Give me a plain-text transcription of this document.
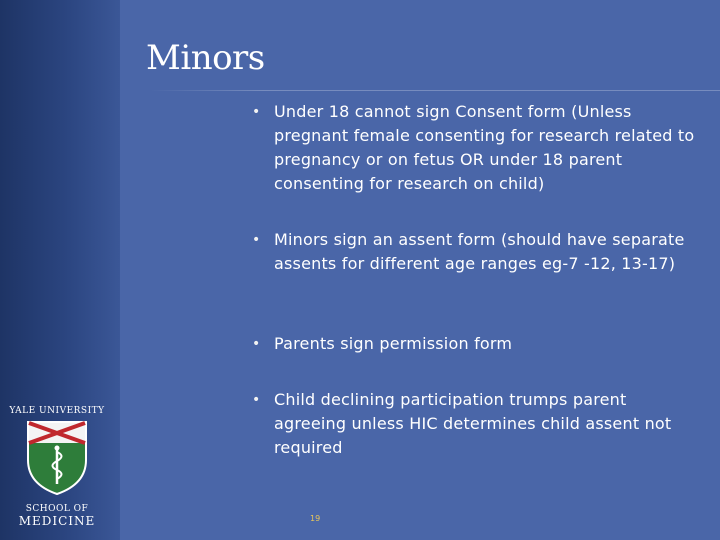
Minors
• Under 18 cannot sign Consent form (Unless pregnant female consenting for research related to pregnancy or on fetus OR under 18 parent consenting for research on child)
• Minors sign an assent form (should have separate assents for different age ranges eg-7 -12, 13-17)
• Parents sign permission form
• Child declining participation trumps parent agreeing unless HIC determines child assent not required
YALE UNIVERSITY
SCHOOL OF
MEDICINE	19
